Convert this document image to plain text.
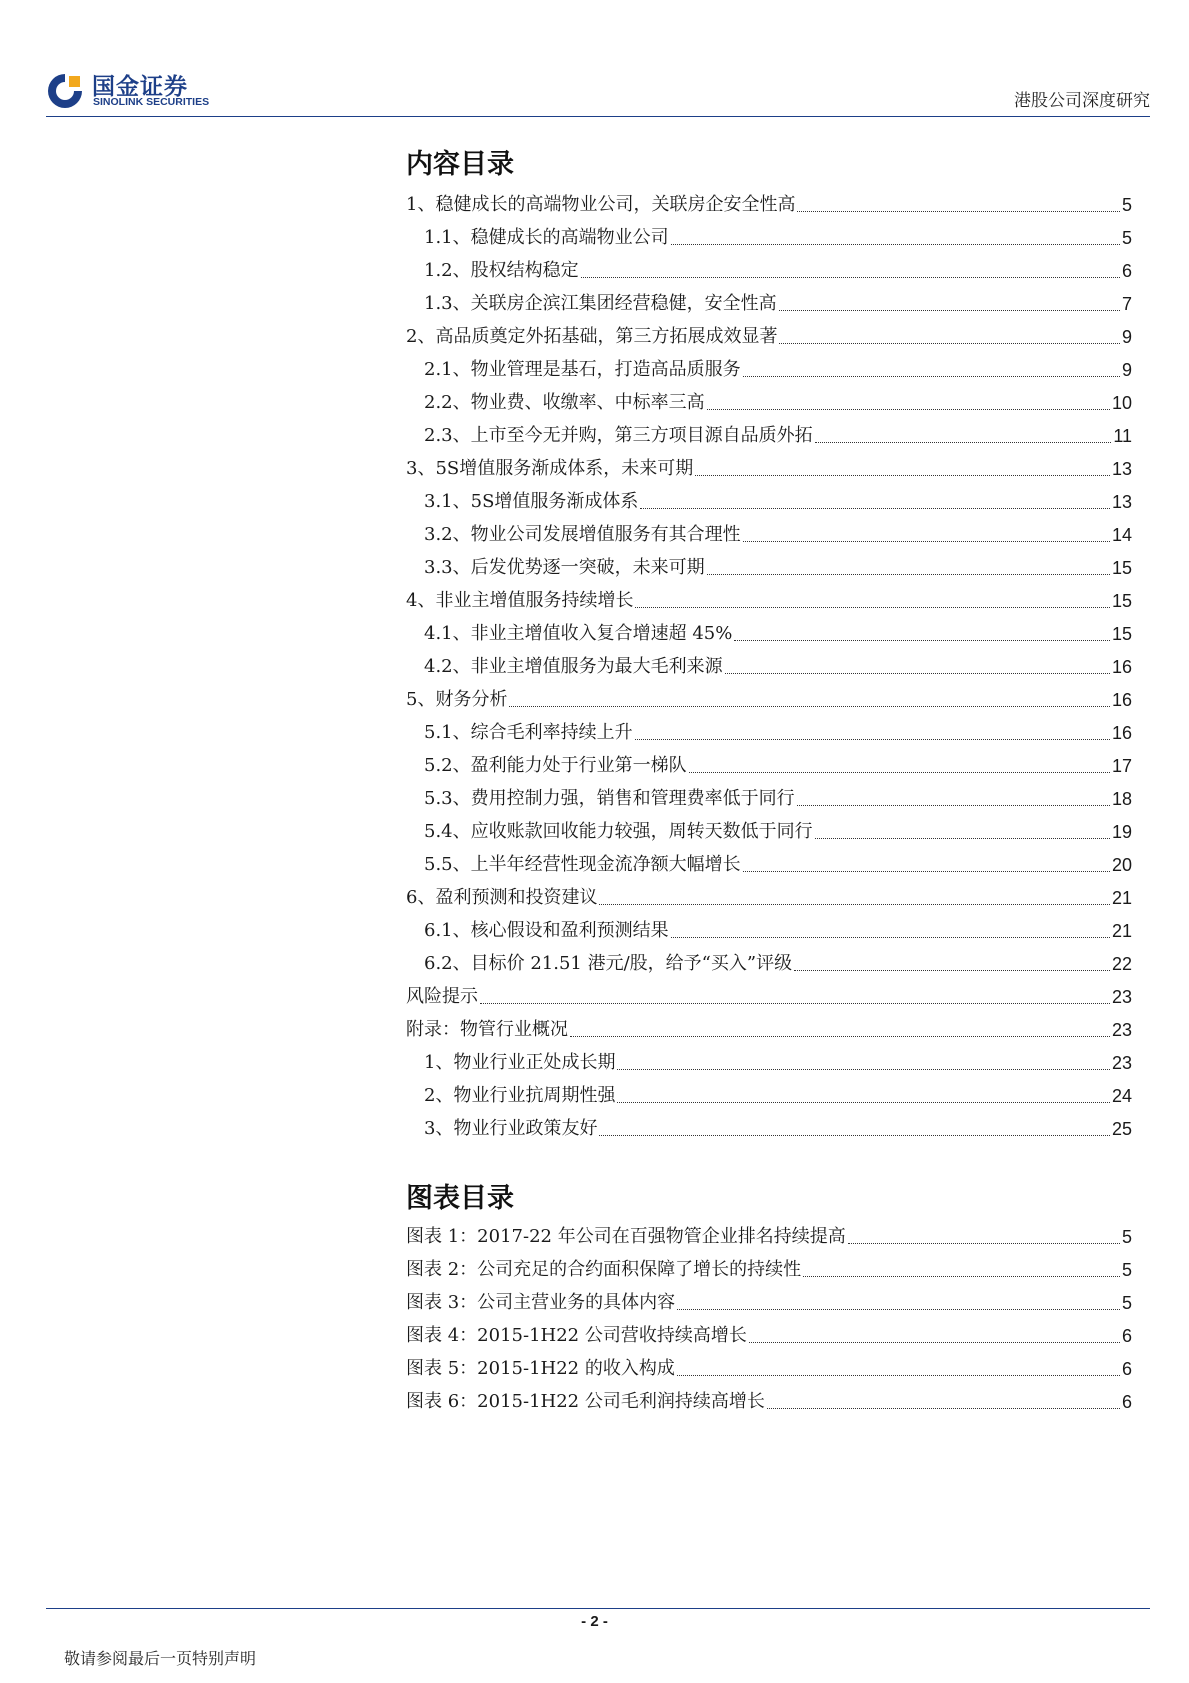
国金证券
SINOLINK SECURITIES	港股公司深度研究
内容目录
1、稳健成长的高端物业公司，关联房企安全性高	5
1.1、稳健成长的高端物业公司	5
1.2、股权结构稳定	6
1.3、关联房企滨江集团经营稳健，安全性高	7
2、高品质奠定外拓基础，第三方拓展成效显著	9
2.1、物业管理是基石，打造高品质服务	9
2.2、物业费、收缴率、中标率三高	10
2.3、上市至今无并购，第三方项目源自品质外拓	11
3、5S增值服务渐成体系，未来可期	13
3.1、5S增值服务渐成体系	13
3.2、物业公司发展增值服务有其合理性	14
3.3、后发优势逐一突破，未来可期	15
4、非业主增值服务持续增长	15
4.1、非业主增值收入复合增速超 45%	15
4.2、非业主增值服务为最大毛利来源	16
5、财务分析	16
5.1、综合毛利率持续上升	16
5.2、盈利能力处于行业第一梯队	17
5.3、费用控制力强，销售和管理费率低于同行	18
5.4、应收账款回收能力较强，周转天数低于同行	19
5.5、上半年经营性现金流净额大幅增长	20
6、盈利预测和投资建议	21
6.1、核心假设和盈利预测结果	21
6.2、目标价 21.51 港元/股，给予“买入”评级	22
风险提示	23
附录：物管行业概况	23
1、物业行业正处成长期	23
2、物业行业抗周期性强	24
3、物业行业政策友好	25
图表目录
图表 1：2017-22 年公司在百强物管企业排名持续提高	5
图表 2：公司充足的合约面积保障了增长的持续性	5
图表 3：公司主营业务的具体内容	5
图表 4：2015-1H22 公司营收持续高增长	6
图表 5：2015-1H22 的收入构成	6
图表 6：2015-1H22 公司毛利润持续高增长	6
- 2 -
敬请参阅最后一页特别声明
